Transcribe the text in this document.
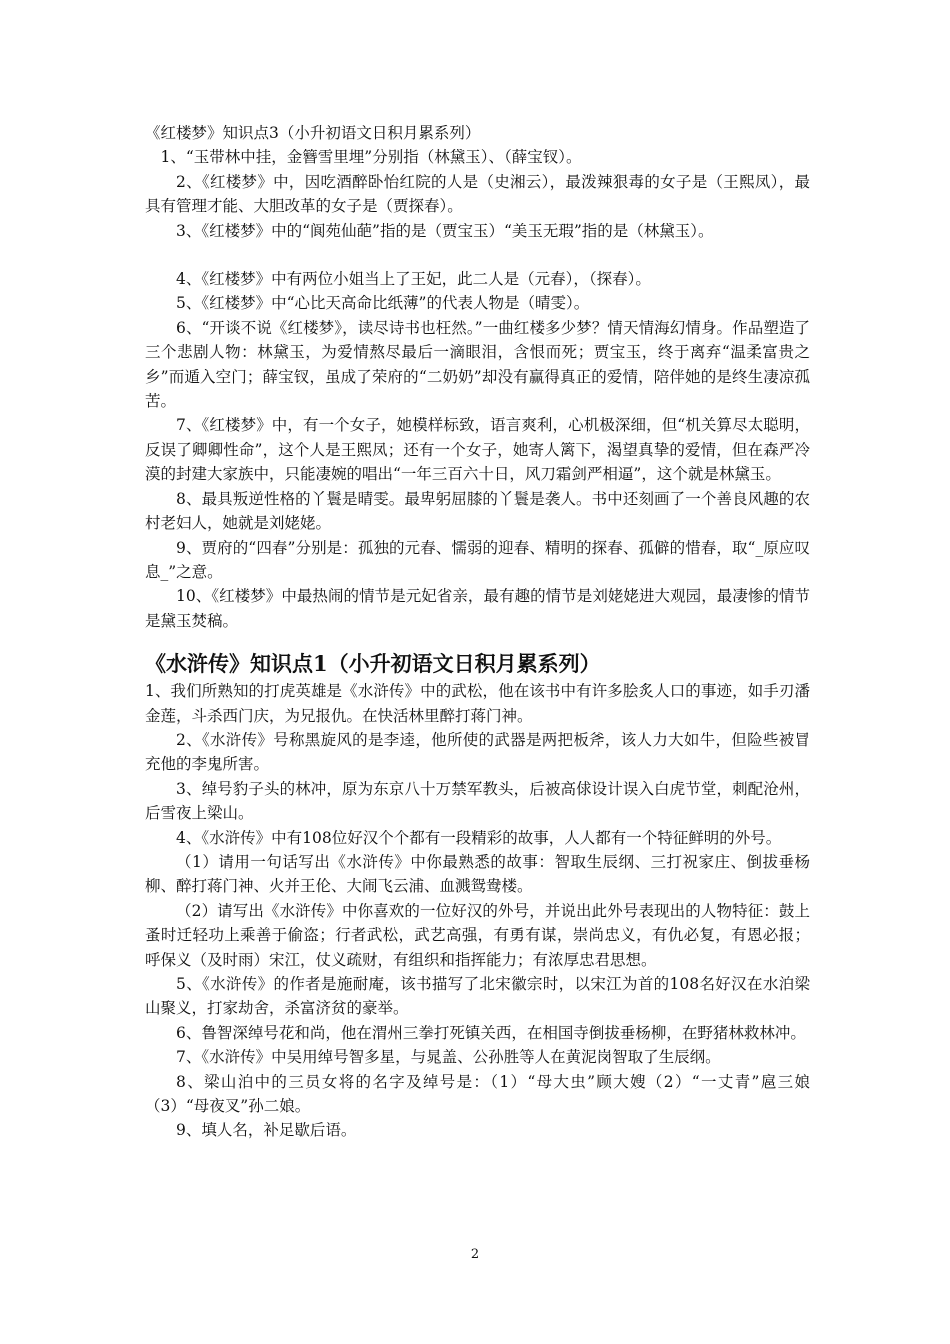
《红楼梦》知识点3（小升初语文日积月累系列）

1、“玉带林中挂，金簪雪里埋”分别指（林黛玉）、（薛宝钗）。

2、《红楼梦》中，因吃酒醉卧怡红院的人是（史湘云），最泼辣狠毒的女子是（王熙凤），最具有管理才能、大胆改革的女子是（贾探春）。

3、《红楼梦》中的“阆苑仙葩”指的是（贾宝玉）“美玉无瑕”指的是（林黛玉）。

4、《红楼梦》中有两位小姐当上了王妃，此二人是（元春），（探春）。

5、《红楼梦》中“心比天高命比纸薄”的代表人物是（晴雯）。

6、“开谈不说《红楼梦》，读尽诗书也枉然。”一曲红楼多少梦？情天情海幻情身。作品塑造了三个悲剧人物：林黛玉，为爱情熬尽最后一滴眼泪，含恨而死；贾宝玉，终于离弃“温柔富贵之乡”而遁入空门；薛宝钗，虽成了荣府的“二奶奶”却没有赢得真正的爱情，陪伴她的是终生凄凉孤苦。

7、《红楼梦》中，有一个女子，她模样标致，语言爽利，心机极深细，但“机关算尽太聪明，反误了卿卿性命”，这个人是王熙凤；还有一个女子，她寄人篱下，渴望真挚的爱情，但在森严冷漠的封建大家族中，只能凄婉的唱出“一年三百六十日，风刀霜剑严相逼”，这个就是林黛玉。

8、最具叛逆性格的丫鬟是晴雯。最卑躬屈膝的丫鬟是袭人。书中还刻画了一个善良风趣的农村老妇人，她就是刘姥姥。

9、贾府的“四春”分别是：孤独的元春、懦弱的迎春、精明的探春、孤僻的惜春，取“_原应叹息_”之意。

10、《红楼梦》中最热闹的情节是元妃省亲，最有趣的情节是刘姥姥进大观园，最凄惨的情节是黛玉焚稿。

《水浒传》知识点1（小升初语文日积月累系列）

1、我们所熟知的打虎英雄是《水浒传》中的武松，他在该书中有许多脍炙人口的事迹，如手刃潘金莲，斗杀西门庆，为兄报仇。在快活林里醉打蒋门神。

2、《水浒传》号称黑旋风的是李逵，他所使的武器是两把板斧，该人力大如牛，但险些被冒充他的李鬼所害。

3、绰号豹子头的林冲，原为东京八十万禁军教头，后被高俅设计误入白虎节堂，刺配沧州，后雪夜上梁山。

4、《水浒传》中有108位好汉个个都有一段精彩的故事，人人都有一个特征鲜明的外号。

（1）请用一句话写出《水浒传》中你最熟悉的故事：智取生辰纲、三打祝家庄、倒拔垂杨柳、醉打蒋门神、火并王伦、大闹飞云浦、血溅鸳鸯楼。

（2）请写出《水浒传》中你喜欢的一位好汉的外号，并说出此外号表现出的人物特征：鼓上蚤时迁轻功上乘善于偷盗；行者武松，武艺高强，有勇有谋，崇尚忠义，有仇必复，有恩必报；呼保义（及时雨）宋江，仗义疏财，有组织和指挥能力；有浓厚忠君思想。

5、《水浒传》的作者是施耐庵，该书描写了北宋徽宗时，以宋江为首的108名好汉在水泊梁山聚义，打家劫舍，杀富济贫的豪举。

6、鲁智深绰号花和尚，他在渭州三拳打死镇关西，在相国寺倒拔垂杨柳，在野猪林救林冲。

7、《水浒传》中吴用绰号智多星，与晁盖、公孙胜等人在黄泥岗智取了生辰纲。

8、梁山泊中的三员女将的名字及绰号是：（1）“母大虫”顾大嫂（2）“一丈青”扈三娘（3）“母夜叉”孙二娘。

9、填人名，补足歇后语。

2
